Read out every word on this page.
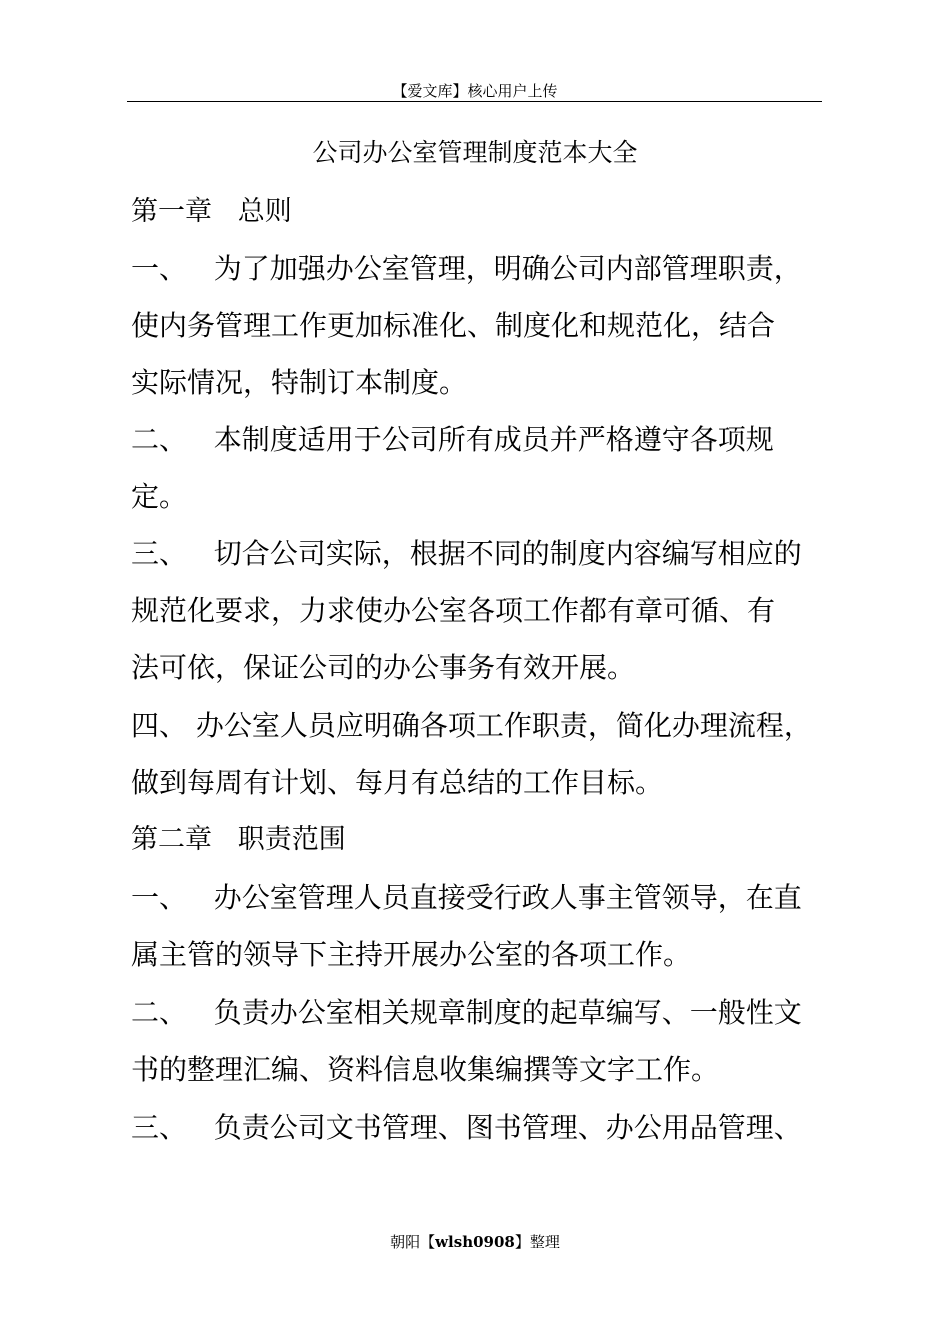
【爱文库】核心用户上传
公司办公室管理制度范本大全
第一章   总则
一、   为了加强办公室管理，明确公司内部管理职责，
使内务管理工作更加标准化、制度化和规范化，结合
实际情况，特制订本制度。
二、   本制度适用于公司所有成员并严格遵守各项规
定。
三、   切合公司实际，根据不同的制度内容编写相应的
规范化要求，力求使办公室各项工作都有章可循、有
法可依，保证公司的办公事务有效开展。
四、 办公室人员应明确各项工作职责，简化办理流程，
做到每周有计划、每月有总结的工作目标。
第二章   职责范围
一、   办公室管理人员直接受行政人事主管领导，在直
属主管的领导下主持开展办公室的各项工作。
二、   负责办公室相关规章制度的起草编写、一般性文
书的整理汇编、资料信息收集编撰等文字工作。
三、   负责公司文书管理、图书管理、办公用品管理、
朝阳【wlsh0908】整理
